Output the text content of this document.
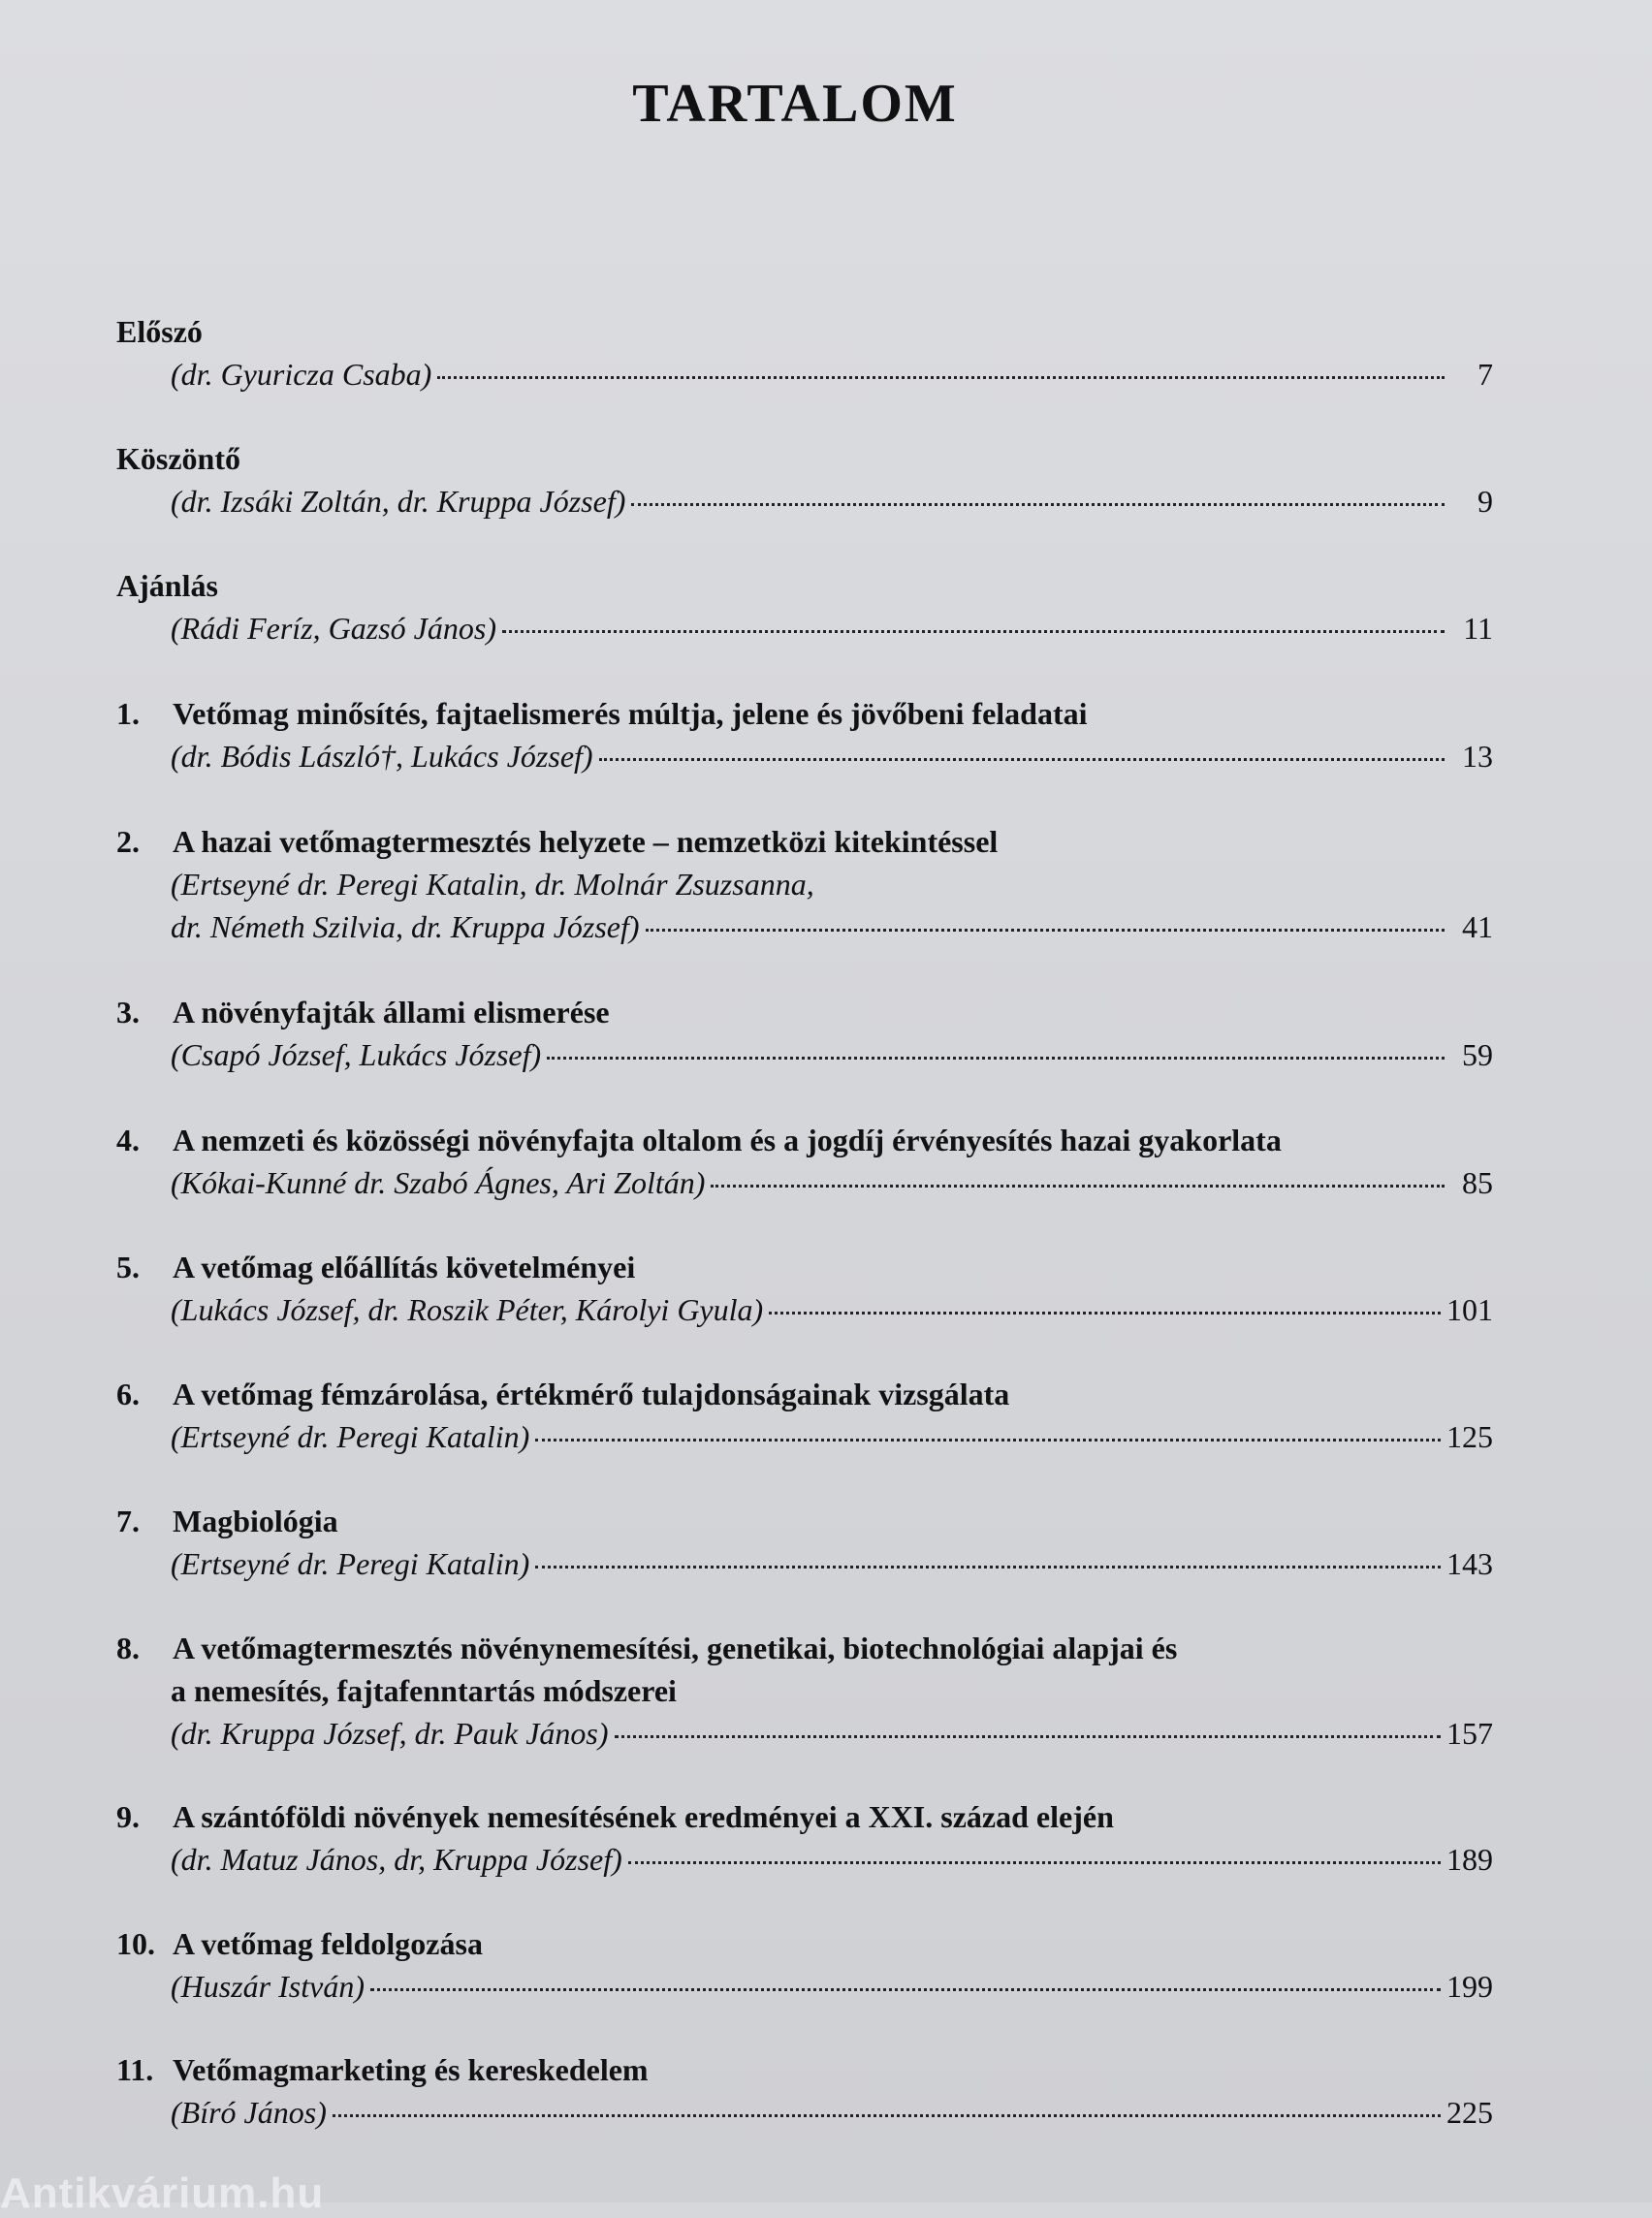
TARTALOM
Előszó
(dr. Gyuricza Csaba)	7
Köszöntő
(dr. Izsáki Zoltán, dr. Kruppa József)	9
Ajánlás
(Rádi Feríz, Gazsó János)	11
1.	Vetőmag minősítés, fajtaelismerés múltja, jelene és jövőbeni feladatai
(dr. Bódis László†, Lukács József)	13
2.	A hazai vetőmagtermesztés helyzete – nemzetközi kitekintéssel
(Ertseyné dr. Peregi Katalin, dr. Molnár Zsuzsanna,
dr. Németh Szilvia, dr. Kruppa József)	41
3.	A növényfajták állami elismerése
(Csapó József, Lukács József)	59
4.	A nemzeti és közösségi növényfajta oltalom és a jogdíj érvényesítés hazai gyakorlata
(Kókai-Kunné dr. Szabó Ágnes, Ari Zoltán)	85
5.	A vetőmag előállítás követelményei
(Lukács József, dr. Roszik Péter, Károlyi Gyula)	101
6.	A vetőmag fémzárolása, értékmérő tulajdonságainak vizsgálata
(Ertseyné dr. Peregi Katalin)	125
7.	Magbiológia
(Ertseyné dr. Peregi Katalin)	143
8.	A vetőmagtermesztés növénynemesítési, genetikai, biotechnológiai alapjai és
a nemesítés, fajtafenntartás módszerei
(dr. Kruppa József, dr. Pauk János)	157
9.	A szántóföldi növények nemesítésének eredményei a XXI. század elején
(dr. Matuz János, dr, Kruppa József)	189
10. A vetőmag feldolgozása
(Huszár István)	199
11. Vetőmagmarketing és kereskedelem
(Bíró János)	225
Antikvárium.hu
